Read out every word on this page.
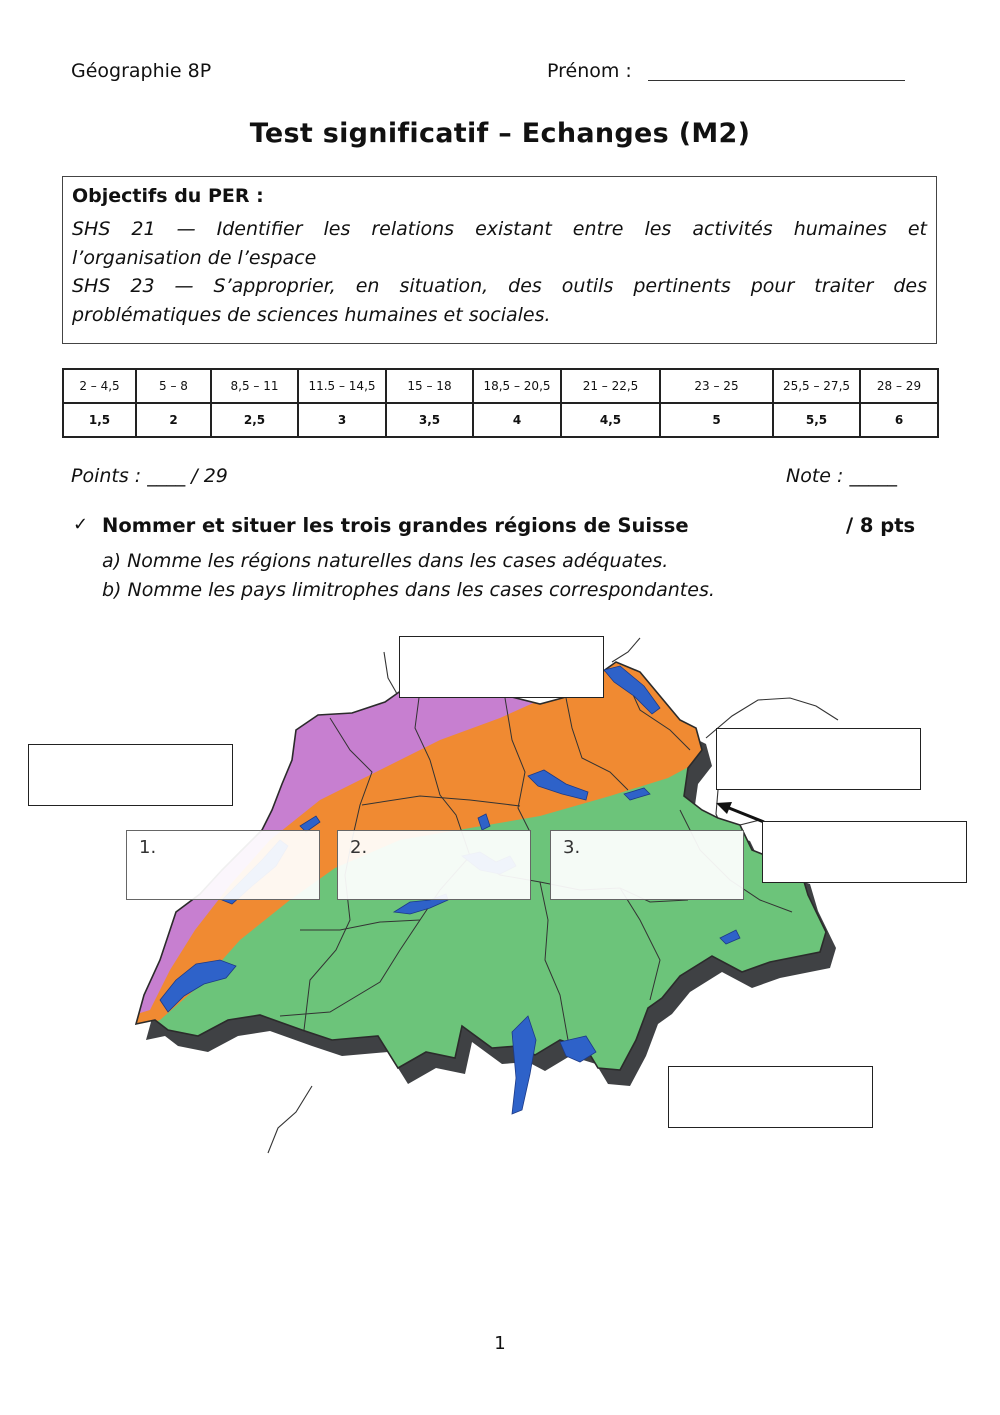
Géographie 8P	Prénom :
Test significatif – Echanges (M2)
Objectifs du PER :
SHS 21 — Identifier les relations existant entre les activités humaines et
l’organisation de l’espace
SHS 23 — S’approprier, en situation, des outils pertinents pour traiter des
problématiques de sciences humaines et sociales.
2 – 4,5	5 – 8	8,5 – 11	11.5 – 14,5	15 – 18	18,5 – 20,5	21 – 22,5	23 – 25	25,5 – 27,5	28 – 29
1,5	2	2,5	3	3,5	4	4,5	5	5,5	6
Points : ____ / 29	Note : _____
✓ Nommer et situer les trois grandes régions de Suisse	/ 8 pts
a) Nomme les régions naturelles dans les cases adéquates.
b) Nomme les pays limitrophes dans les cases correspondantes.
1.	2.	3.
1
